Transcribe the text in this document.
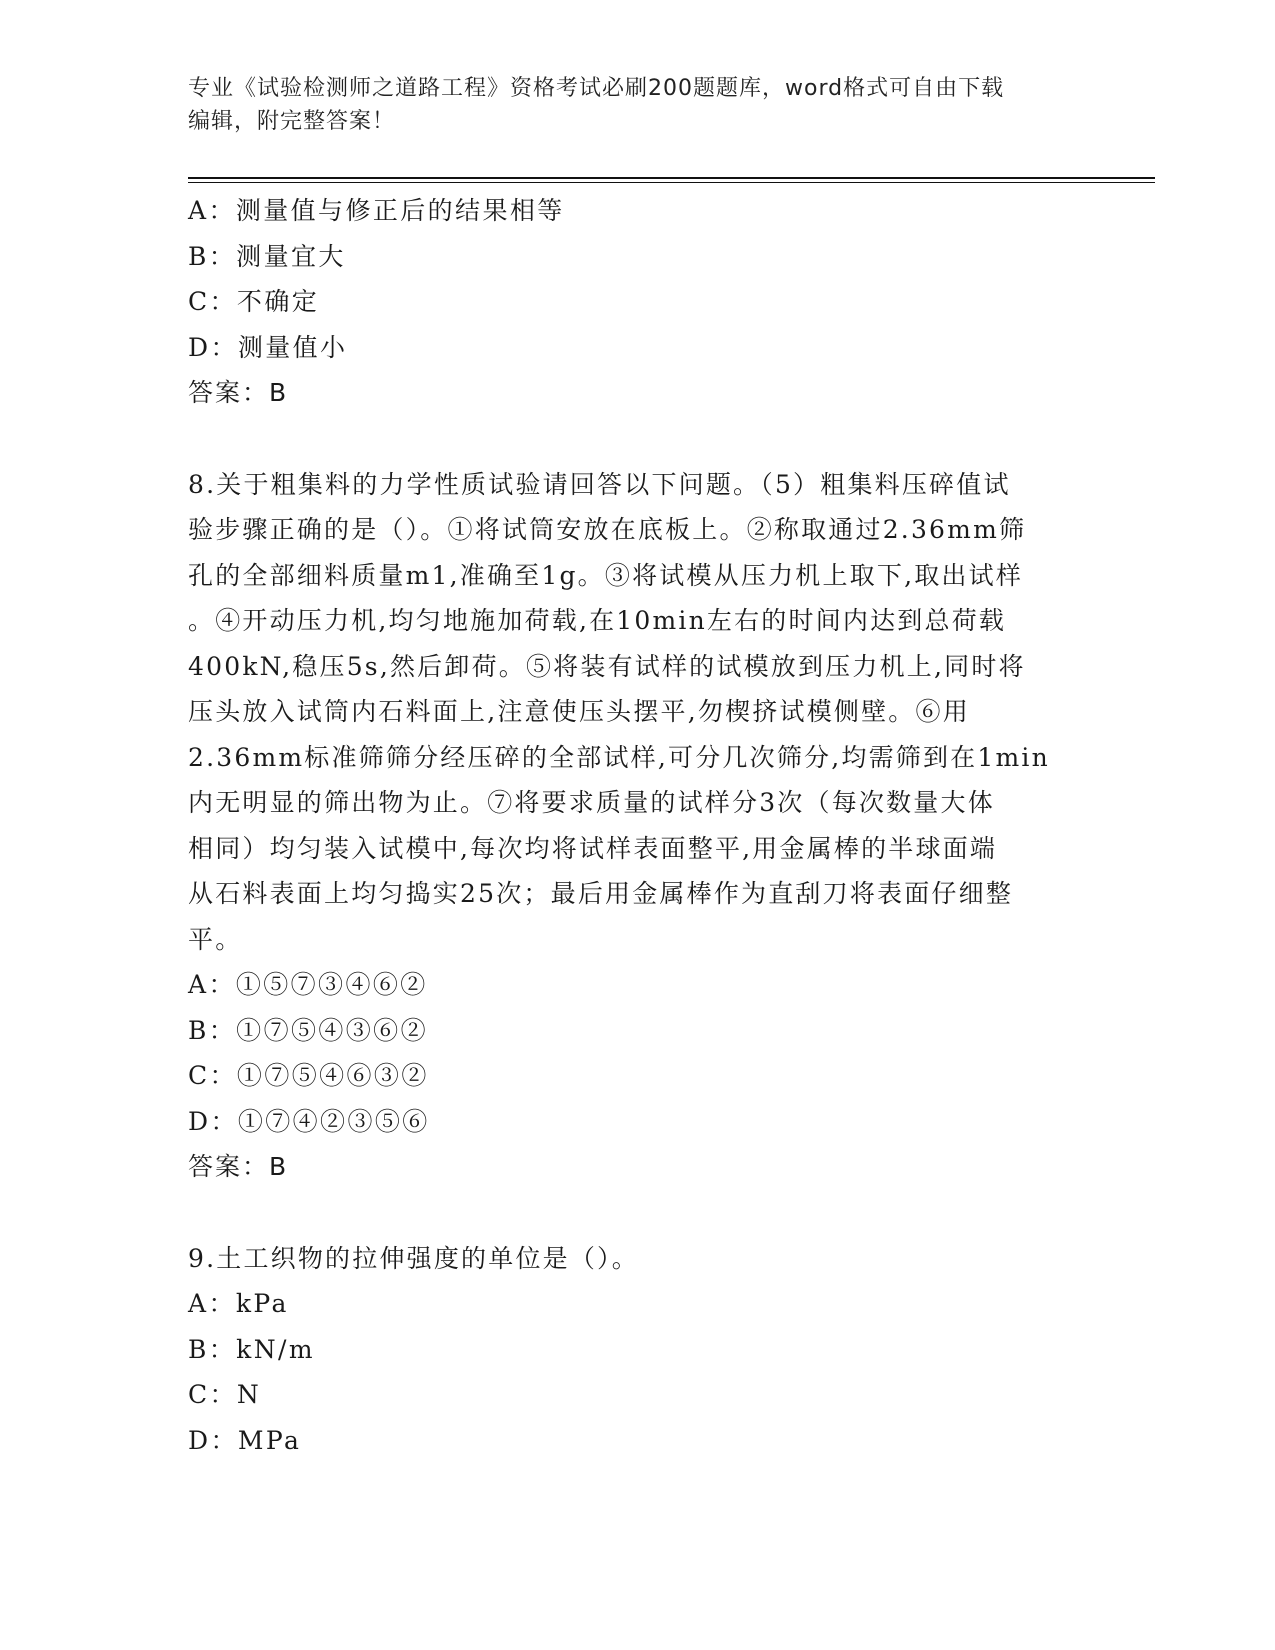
专业《试验检测师之道路工程》资格考试必刷200题题库，word格式可自由下载
编辑，附完整答案！
A：测量值与修正后的结果相等
B：测量宜大
C：不确定
D：测量值小
答案：B
8.关于粗集料的力学性质试验请回答以下问题。（5）粗集料压碎值试
验步骤正确的是（）。①将试筒安放在底板上。②称取通过2.36mm筛
孔的全部细料质量m1,准确至1g。③将试模从压力机上取下,取出试样
。④开动压力机,均匀地施加荷载,在10min左右的时间内达到总荷载
400kN,稳压5s,然后卸荷。⑤将装有试样的试模放到压力机上,同时将
压头放入试筒内石料面上,注意使压头摆平,勿楔挤试模侧壁。⑥用
2.36mm标准筛筛分经压碎的全部试样,可分几次筛分,均需筛到在1min
内无明显的筛出物为止。⑦将要求质量的试样分3次（每次数量大体
相同）均匀装入试模中,每次均将试样表面整平,用金属棒的半球面端
从石料表面上均匀捣实25次；最后用金属棒作为直刮刀将表面仔细整
平。
A：①⑤⑦③④⑥②
B：①⑦⑤④③⑥②
C：①⑦⑤④⑥③②
D：①⑦④②③⑤⑥
答案：B
9.土工织物的拉伸强度的单位是（）。
A：kPa
B：kN/m
C：N
D：MPa
